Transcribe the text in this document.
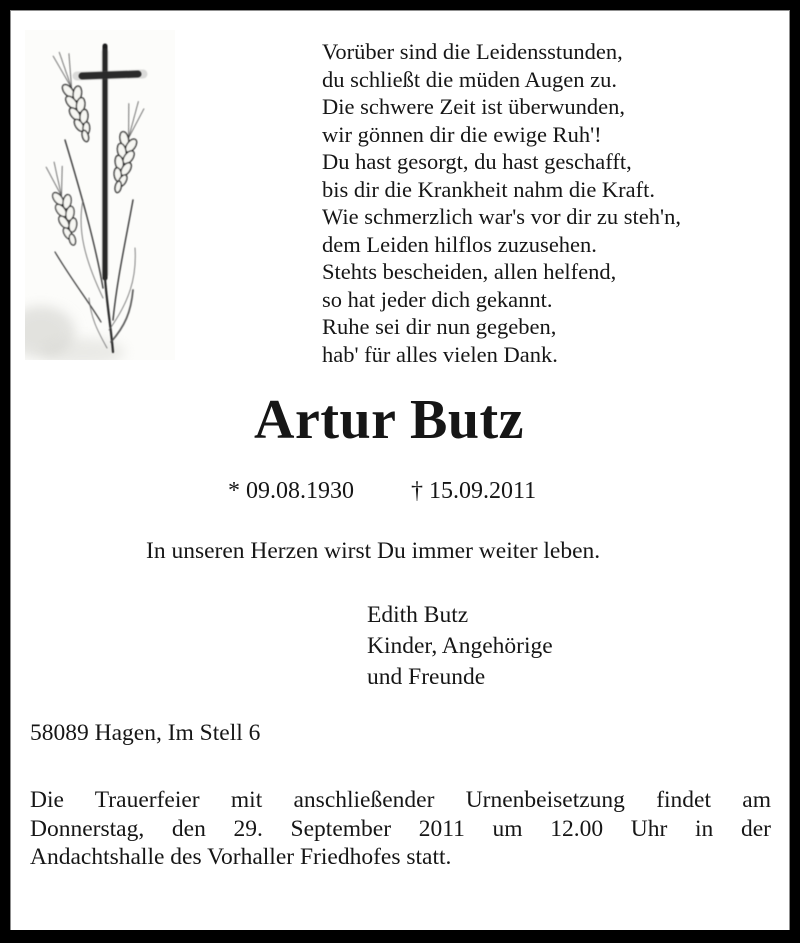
Vorüber sind die Leidensstunden,
du schließt die müden Augen zu.
Die schwere Zeit ist überwunden,
wir gönnen dir die ewige Ruh'!
Du hast gesorgt, du hast geschafft,
bis dir die Krankheit nahm die Kraft.
Wie schmerzlich war's vor dir zu steh'n,
dem Leiden hilflos zuzusehen.
Stehts bescheiden, allen helfend,
so hat jeder dich gekannt.
Ruhe sei dir nun gegeben,
hab' für alles vielen Dank.
Artur Butz
* 09.08.1930 † 15.09.2011
In unseren Herzen wirst Du immer weiter leben.
Edith Butz
Kinder, Angehörige
und Freunde
58089 Hagen, Im Stell 6
Die Trauerfeier mit anschließender Urnenbeisetzung findet am
Donnerstag, den 29. September 2011 um 12.00 Uhr in der
Andachtshalle des Vorhaller Friedhofes statt.
